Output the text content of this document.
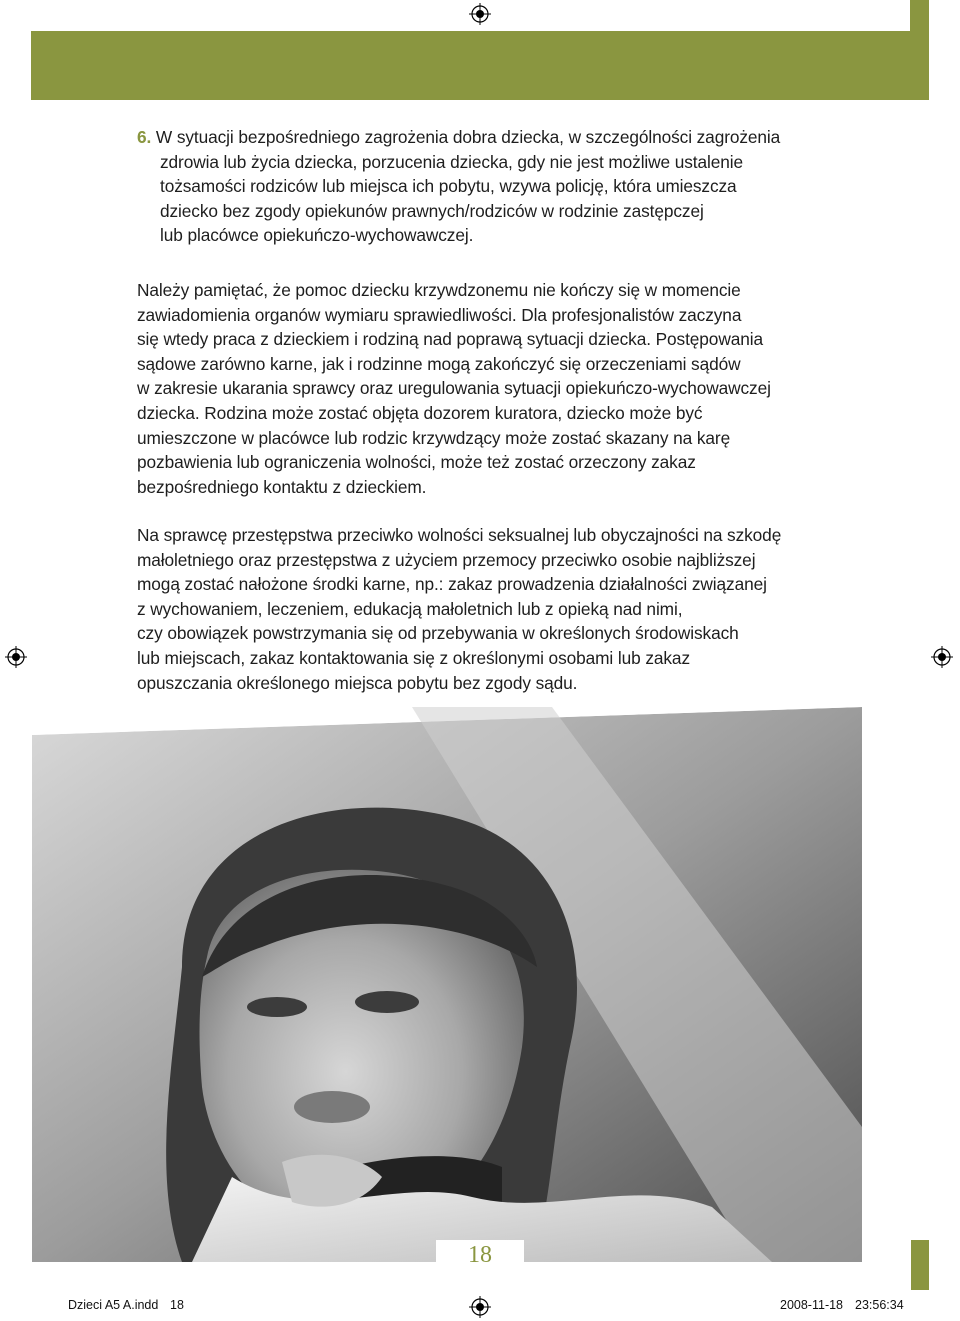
6. W sytuacji bezpośredniego zagrożenia dobra dziecka, w szczególności zagrożenia
zdrowia lub życia dziecka, porzucenia dziecka, gdy nie jest możliwe ustalenie
tożsamości rodziców lub miejsca ich pobytu, wzywa policję, która umieszcza
dziecko bez zgody opiekunów prawnych/rodziców w rodzinie zastępczej
lub placówce opiekuńczo-wychowawczej.

Należy pamiętać, że pomoc dziecku krzywdzonemu nie kończy się w momencie
zawiadomienia organów wymiaru sprawiedliwości. Dla profesjonalistów zaczyna
się wtedy praca z dzieckiem i rodziną nad poprawą sytuacji dziecka. Postępowania
sądowe zarówno karne, jak i rodzinne mogą zakończyć się orzeczeniami sądów
w zakresie ukarania sprawcy oraz uregulowania sytuacji opiekuńczo-wychowawczej
dziecka. Rodzina może zostać objęta dozorem kuratora, dziecko może być
umieszczone w placówce lub rodzic krzywdzący może zostać skazany na karę
pozbawienia lub ograniczenia wolności, może też zostać orzeczony zakaz
bezpośredniego kontaktu z dzieckiem.

Na sprawcę przestępstwa przeciwko wolności seksualnej lub obyczajności na szkodę
małoletniego oraz przestępstwa z użyciem przemocy przeciwko osobie najbliższej
mogą zostać nałożone środki karne, np.: zakaz prowadzenia działalności związanej
z wychowaniem, leczeniem, edukacją małoletnich lub z opieką nad nimi,
czy obowiązek powstrzymania się od przebywania w określonych środowiskach
lub miejscach, zakaz kontaktowania się z określonymi osobami lub zakaz
opuszczania określonego miejsca pobytu bez zgody sądu.

18
Dzieci A5 A.indd 18	2008-11-18 23:56:34
